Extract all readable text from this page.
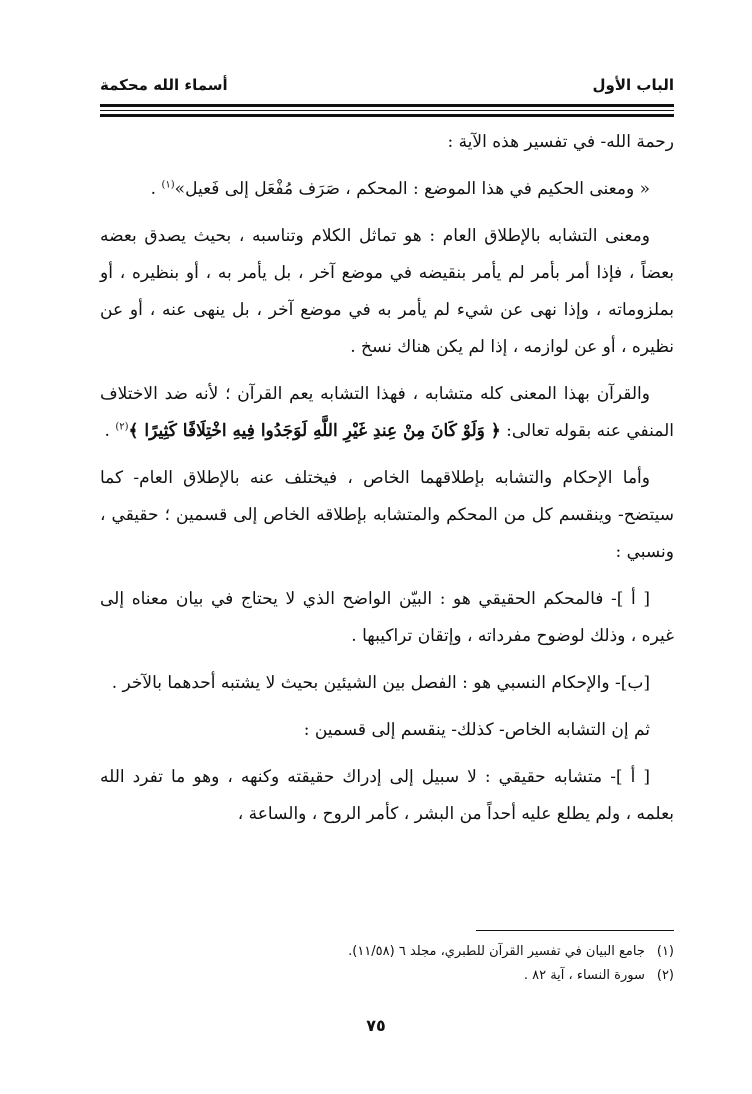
الباب الأول
أسماء الله محكمة

رحمة الله- في تفسير هذه الآية :

« ومعنى الحكيم في هذا الموضع : المحكم ، صَرَف مُفْعَل إلى فَعيل»$^{(١)}$ .

ومعنى التشابه بالإطلاق العام : هو تماثل الكلام وتناسبه ، بحيث يصدق بعضه بعضاً ، فإذا أمر بأمر لم يأمر بنقيضه في موضع آخر ، بل يأمر به ، أو بنظيره ، أو بملزوماته ، وإذا نهى عن شيء لم يأمر به في موضع آخر ، بل ينهى عنه ، أو عن نظيره ، أو عن لوازمه ، إذا لم يكن هناك نسخ .

والقرآن بهذا المعنى كله متشابه ، فهذا التشابه يعم القرآن ؛ لأنه ضد الاختلاف المنفي عنه بقوله تعالى: ﴿ وَلَوْ كَانَ مِنْ عِندِ غَيْرِ اللَّهِ لَوَجَدُوا فِيهِ اخْتِلَافًا كَثِيرًا ﴾$^{(٢)}$ .

وأما الإحكام والتشابه بإطلاقهما الخاص ، فيختلف عنه بالإطلاق العام- كما سيتضح- وينقسم كل من المحكم والمتشابه بإطلاقه الخاص إلى قسمين ؛ حقيقي ، ونسبي :

[ أ ]- فالمحكم الحقيقي هو : البيّن الواضح الذي لا يحتاج في بيان معناه إلى غيره ، وذلك لوضوح مفرداته ، وإتقان تراكيبها .

[ب]- والإحكام النسبي هو : الفصل بين الشيئين بحيث لا يشتبه أحدهما بالآخر .

ثم إن التشابه الخاص- كذلك- ينقسم إلى قسمين :

[ أ ]- متشابه حقيقي : لا سبيل إلى إدراك حقيقته وكنهه ، وهو ما تفرد الله بعلمه ، ولم يطلع عليه أحداً من البشر ، كأمر الروح ، والساعة ،

(١)جامع البيان في تفسير القرآن للطبري، مجلد ٦ (١١/٥٨).
(٢)سورة النساء ، آية ٨٢ .
٧٥
